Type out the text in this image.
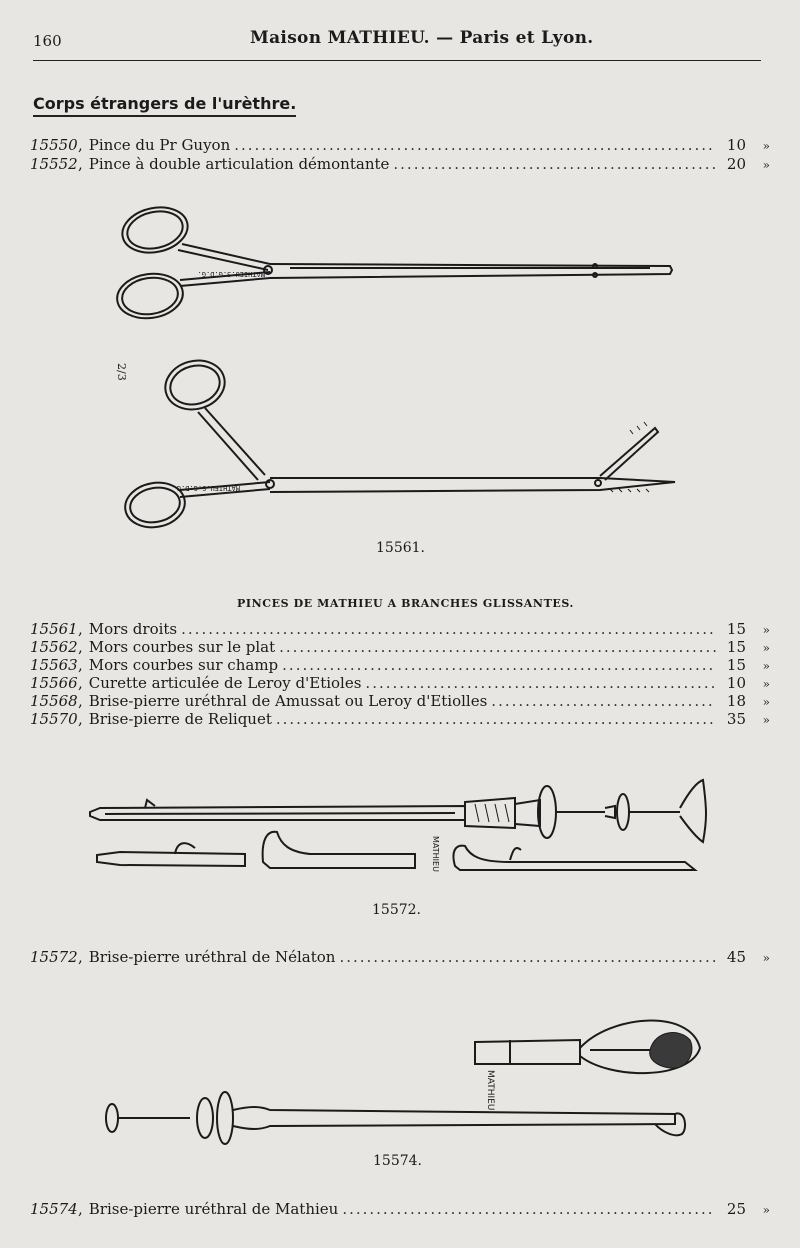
160	Maison MATHIEU. — Paris et Lyon.
Corps étrangers de l'urèthre.
15550 , Pince du Pr Guyon .....	10	»
15552 , Pince à double articulation démontante .....	20	»
MATHIEU.S.G.D.G.
MATHIEU.S.G.D.G.
2/3
15561.
PINCES DE MATHIEU A BRANCHES GLISSANTES.
15561 , Mors droits .....	15	»
15562 , Mors courbes sur le plat .....	15	»
15563 , Mors courbes sur champ .....	15	»
15566 , Curette articulée de Leroy d'Etioles .....	10	»
15568 , Brise-pierre uréthral de Amussat ou Leroy d'Etiolles .....	18	»
15570 , Brise-pierre de Reliquet .....	35	»
MATHIEU
15572.
15572 , Brise-pierre uréthral de Nélaton .....	45	»
MATHIEU
15574.
15574 , Brise-pierre uréthral de Mathieu .....	25	»
